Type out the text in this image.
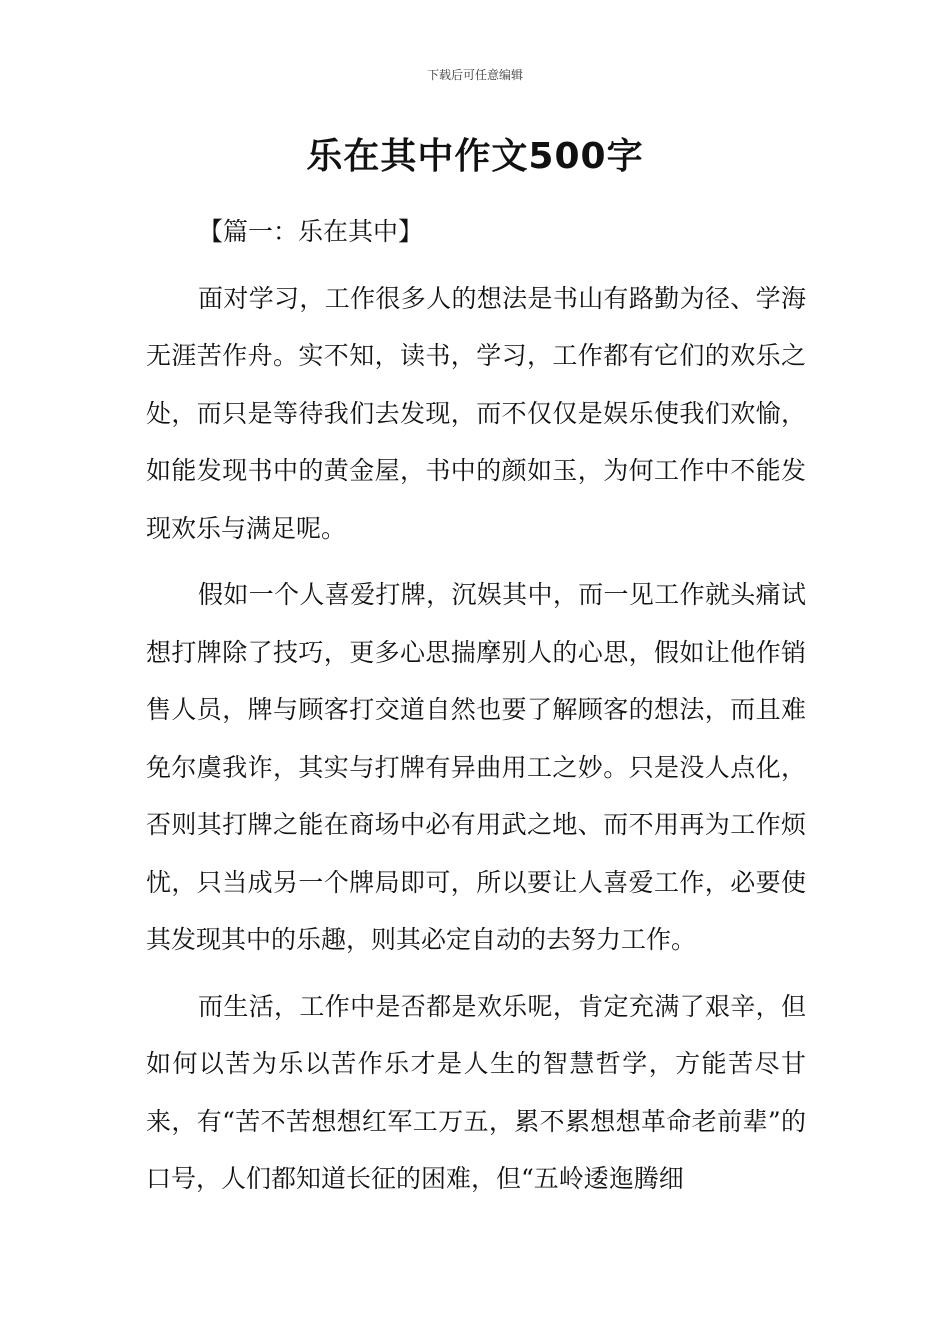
下载后可任意编辑
乐在其中作文500字

【篇一：乐在其中】

面对学习，工作很多人的想法是书山有路勤为径、学海无涯苦作舟。实不知，读书，学习，工作都有它们的欢乐之处，而只是等待我们去发现，而不仅仅是娱乐使我们欢愉，如能发现书中的黄金屋，书中的颜如玉，为何工作中不能发现欢乐与满足呢。

假如一个人喜爱打牌，沉娱其中，而一见工作就头痛试想打牌除了技巧，更多心思揣摩别人的心思，假如让他作销售人员，牌与顾客打交道自然也要了解顾客的想法，而且难免尔虞我诈，其实与打牌有异曲用工之妙。只是没人点化，否则其打牌之能在商场中必有用武之地、而不用再为工作烦忧，只当成另一个牌局即可，所以要让人喜爱工作，必要使其发现其中的乐趣，则其必定自动的去努力工作。

而生活，工作中是否都是欢乐呢，肯定充满了艰辛，但如何以苦为乐以苦作乐才是人生的智慧哲学，方能苦尽甘来，有“苦不苦想想红军工万五，累不累想想革命老前辈”的口号，人们都知道长征的困难，但“五岭逶迤腾细
